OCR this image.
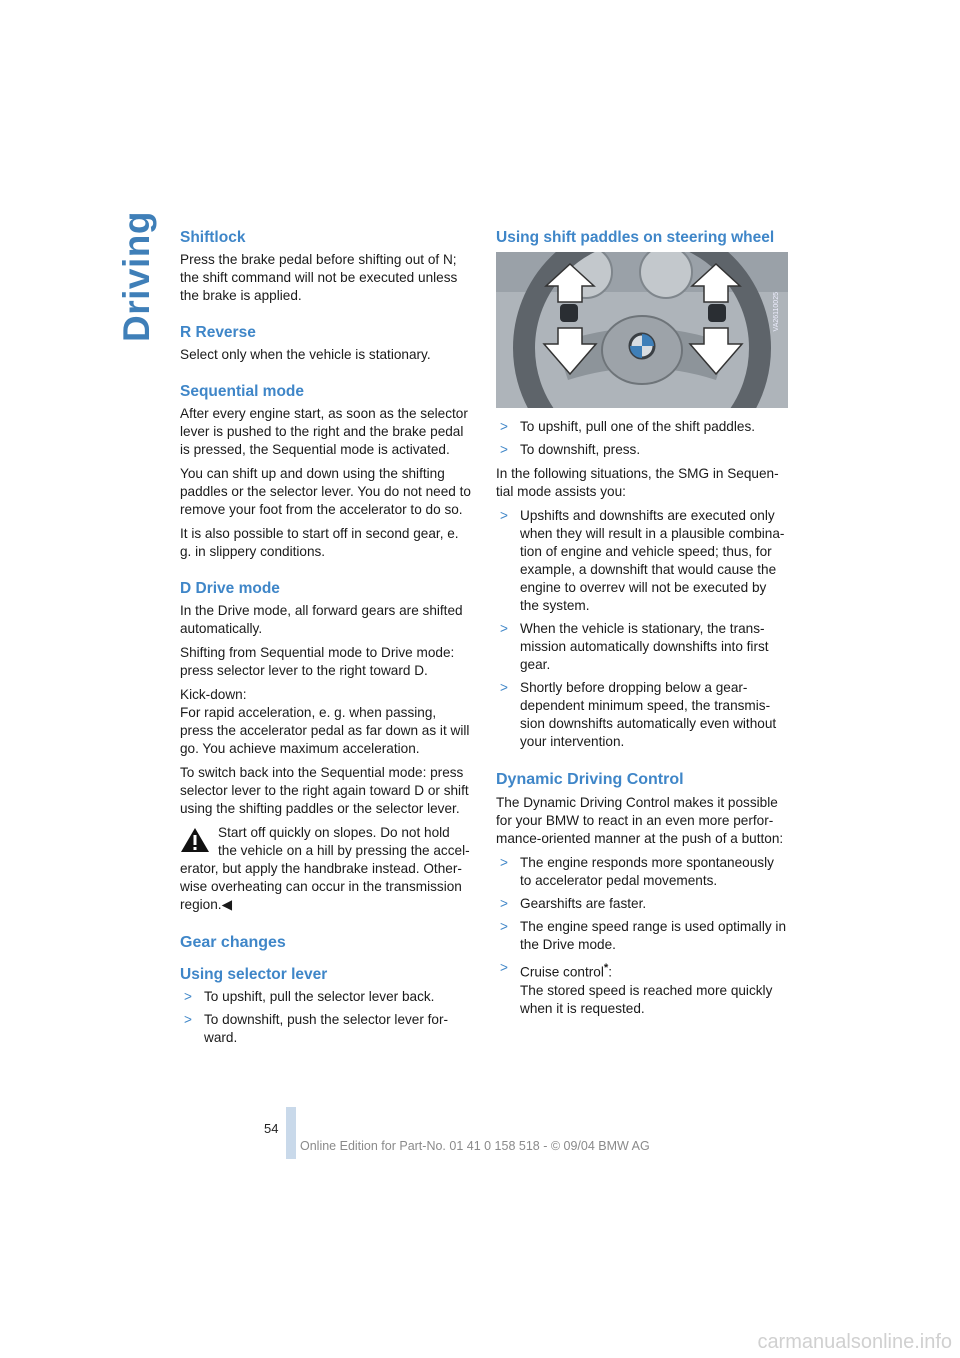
Driving Shiftlock

Press the brake pedal before shifting out of N; the shift command will not be executed unless the brake is applied.

R Reverse

Select only when the vehicle is stationary.

Sequential mode

After every engine start, as soon as the selector lever is pushed to the right and the brake pedal is pressed, the Sequential mode is activated.

You can shift up and down using the shifting paddles or the selector lever. You do not need to remove your foot from the accelerator to do so.

It is also possible to start off in second gear, e. g. in slippery conditions.

D Drive mode

In the Drive mode, all forward gears are shifted automatically.

Shifting from Sequential mode to Drive mode: press selector lever to the right toward D.

Kick-down:
For rapid acceleration, e. g. when passing, press the accelerator pedal as far down as it will go. You achieve maximum acceleration.

To switch back into the Sequential mode: press selector lever to the right again toward D or shift using the shifting paddles or the selector lever.

Start off quickly on slopes. Do not hold the vehicle on a hill by pressing the accel- erator, but apply the handbrake instead. Other- wise overheating can occur in the transmission region.◀

Gear changes
Using selector lever
> To upshift, pull the selector lever back.
> To downshift, push the selector lever for- ward.
Using shift paddles on steering wheel
VA26110025
> To upshift, pull one of the shift paddles.
> To downshift, press.

In the following situations, the SMG in Sequen- tial mode assists you:

> Upshifts and downshifts are executed only when they will result in a plausible combina- tion of engine and vehicle speed; thus, for example, a downshift that would cause the engine to overrev will not be executed by the system.
> When the vehicle is stationary, the trans- mission automatically downshifts into first gear.
> Shortly before dropping below a gear- dependent minimum speed, the transmis- sion downshifts automatically even without your intervention.
Dynamic Driving Control

The Dynamic Driving Control makes it possible for your BMW to react in an even more perfor- mance-oriented manner at the push of a button:

> The engine responds more spontaneously to accelerator pedal movements.
> Gearshifts are faster.
> The engine speed range is used optimally in the Drive mode.
> Cruise control*:
The stored speed is reached more quickly when it is requested.
54
Online Edition for Part-No. 01 41 0 158 518 - © 09/04 BMW AG
carmanualsonline.info
